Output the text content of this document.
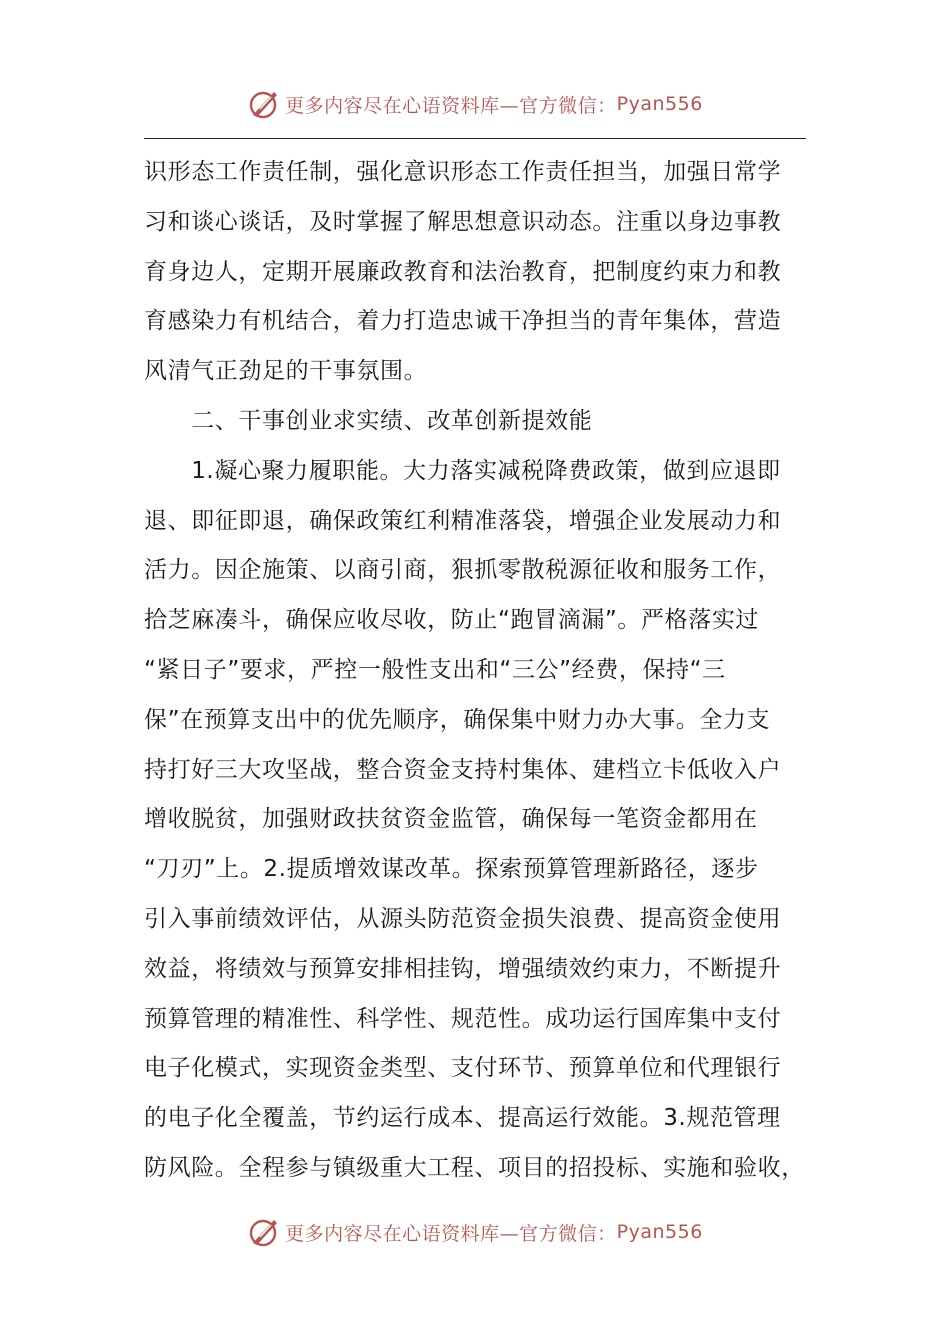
更多内容尽在心语资料库—官方微信： Pyan556
识形态工作责任制，强化意识形态工作责任担当，加强日常学
习和谈心谈话，及时掌握了解思想意识动态。注重以身边事教
育身边人，定期开展廉政教育和法治教育，把制度约束力和教
育感染力有机结合，着力打造忠诚干净担当的青年集体，营造
风清气正劲足的干事氛围。
　　二、干事创业求实绩、改革创新提效能
　　1.凝心聚力履职能。大力落实减税降费政策，做到应退即
退、即征即退，确保政策红利精准落袋，增强企业发展动力和
活力。因企施策、以商引商，狠抓零散税源征收和服务工作，
拾芝麻凑斗，确保应收尽收，防止“跑冒滴漏”。严格落实过
“紧日子”要求，严控一般性支出和“三公”经费，保持“三
保”在预算支出中的优先顺序，确保集中财力办大事。全力支
持打好三大攻坚战，整合资金支持村集体、建档立卡低收入户
增收脱贫，加强财政扶贫资金监管，确保每一笔资金都用在
“刀刃”上。2.提质增效谋改革。探索预算管理新路径，逐步
引入事前绩效评估，从源头防范资金损失浪费、提高资金使用
效益，将绩效与预算安排相挂钩，增强绩效约束力，不断提升
预算管理的精准性、科学性、规范性。成功运行国库集中支付
电子化模式，实现资金类型、支付环节、预算单位和代理银行
的电子化全覆盖，节约运行成本、提高运行效能。3.规范管理
防风险。全程参与镇级重大工程、项目的招投标、实施和验收，
更多内容尽在心语资料库—官方微信： Pyan556
